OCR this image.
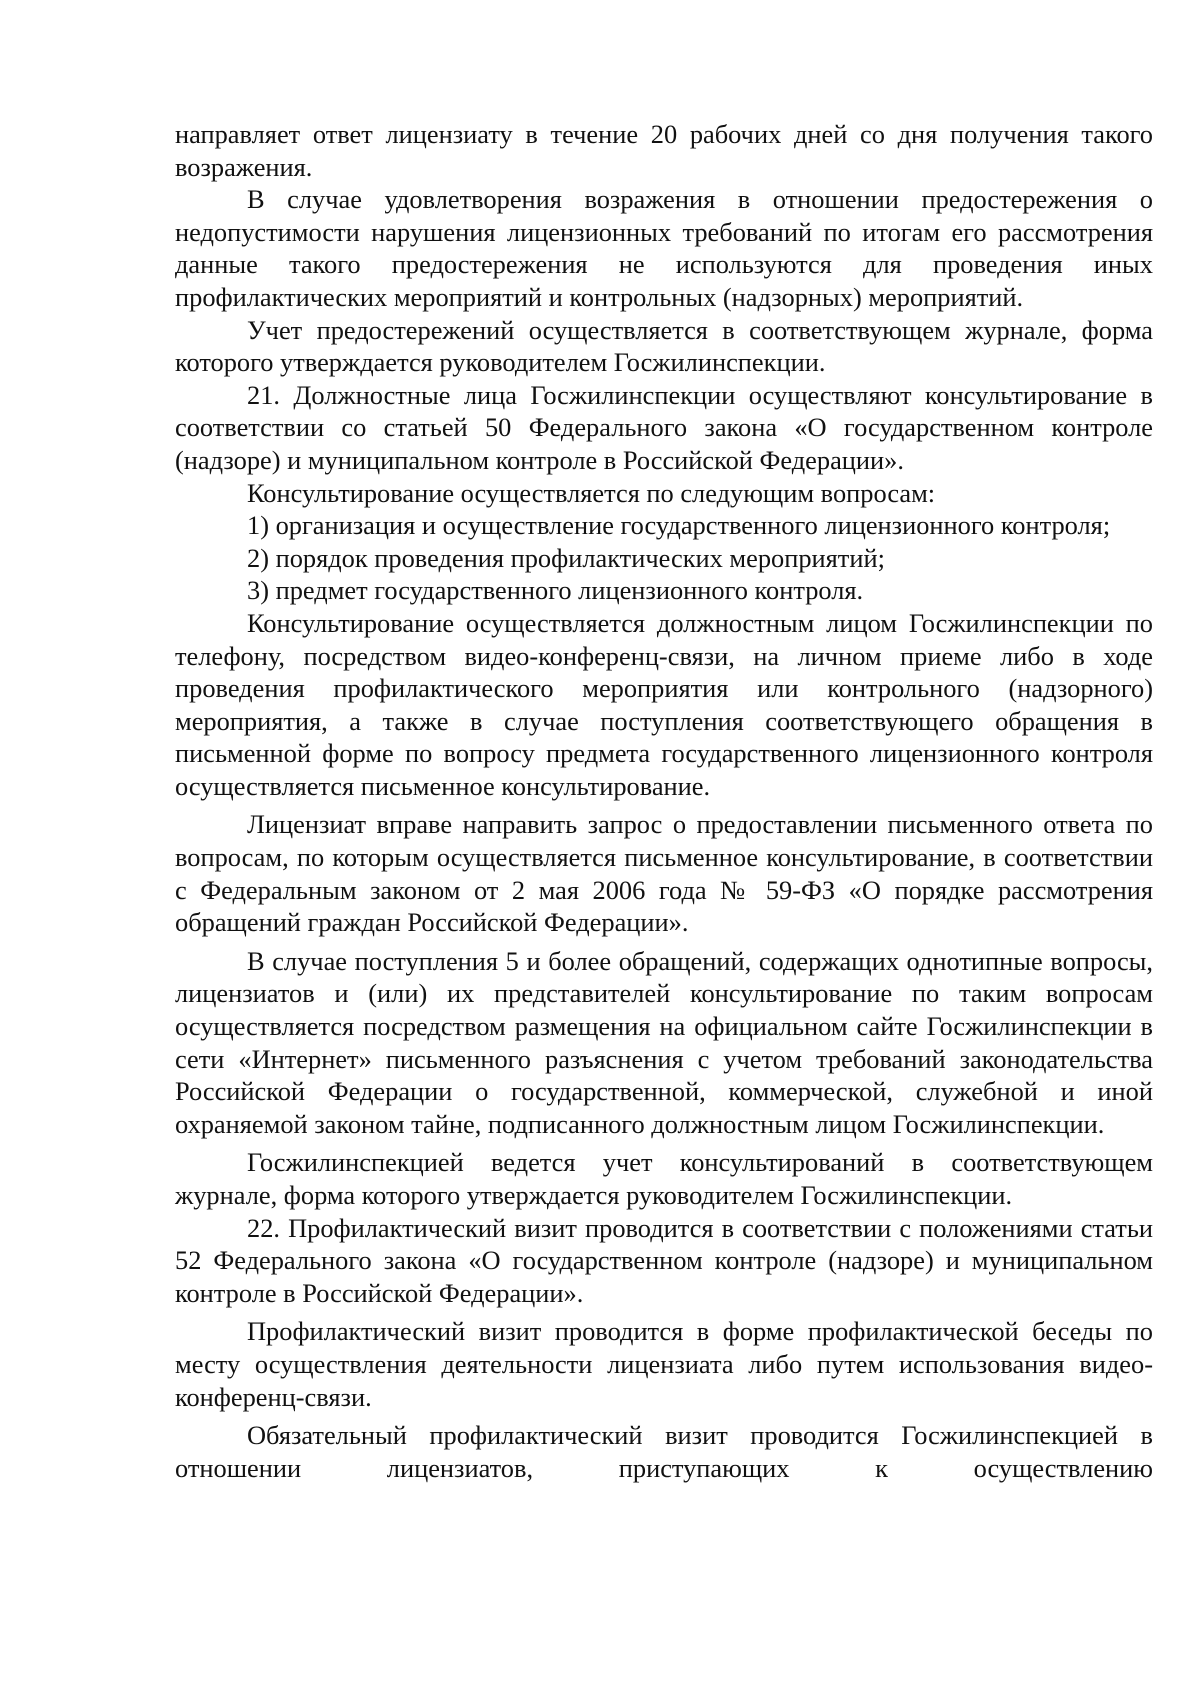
направляет ответ лицензиату в течение 20 рабочих дней со дня получения такого возражения.

В случае удовлетворения возражения в отношении предостережения о недопустимости нарушения лицензионных требований по итогам его рассмотрения данные такого предостережения не используются для проведения иных профилактических мероприятий и контрольных (надзорных) мероприятий.

Учет предостережений осуществляется в соответствующем журнале, форма которого утверждается руководителем Госжилинспекции.

21. Должностные лица Госжилинспекции осуществляют консультирование в соответствии со статьей 50 Федерального закона «О государственном контроле (надзоре) и муниципальном контроле в Российской Федерации».

Консультирование осуществляется по следующим вопросам:

1) организация и осуществление государственного лицензионного контроля;

2) порядок проведения профилактических мероприятий;

3) предмет государственного лицензионного контроля.

Консультирование осуществляется должностным лицом Госжилинспекции по телефону, посредством видео-конференц-связи, на личном приеме либо в ходе проведения профилактического мероприятия или контрольного (надзорного) мероприятия, а также в случае поступления соответствующего обращения в письменной форме по вопросу предмета государственного лицензионного контроля осуществляется письменное консультирование.

Лицензиат вправе направить запрос о предоставлении письменного ответа по вопросам, по которым осуществляется письменное консультирование, в соответствии с Федеральным законом от 2 мая 2006 года № 59-ФЗ «О порядке рассмотрения обращений граждан Российской Федерации».

В случае поступления 5 и более обращений, содержащих однотипные вопросы, лицензиатов и (или) их представителей консультирование по таким вопросам осуществляется посредством размещения на официальном сайте Госжилинспекции в сети «Интернет» письменного разъяснения с учетом требований законодательства Российской Федерации о государственной, коммерческой, служебной и иной охраняемой законом тайне, подписанного должностным лицом Госжилинспекции.

Госжилинспекцией ведется учет консультирований в соответствующем журнале, форма которого утверждается руководителем Госжилинспекции.

22. Профилактический визит проводится в соответствии с положениями статьи 52 Федерального закона «О государственном контроле (надзоре) и муниципальном контроле в Российской Федерации».

Профилактический визит проводится в форме профилактической беседы по месту осуществления деятельности лицензиата либо путем использования видео-конференц-связи.

Обязательный профилактический визит проводится Госжилинспекцией в отношении лицензиатов, приступающих к осуществлению
